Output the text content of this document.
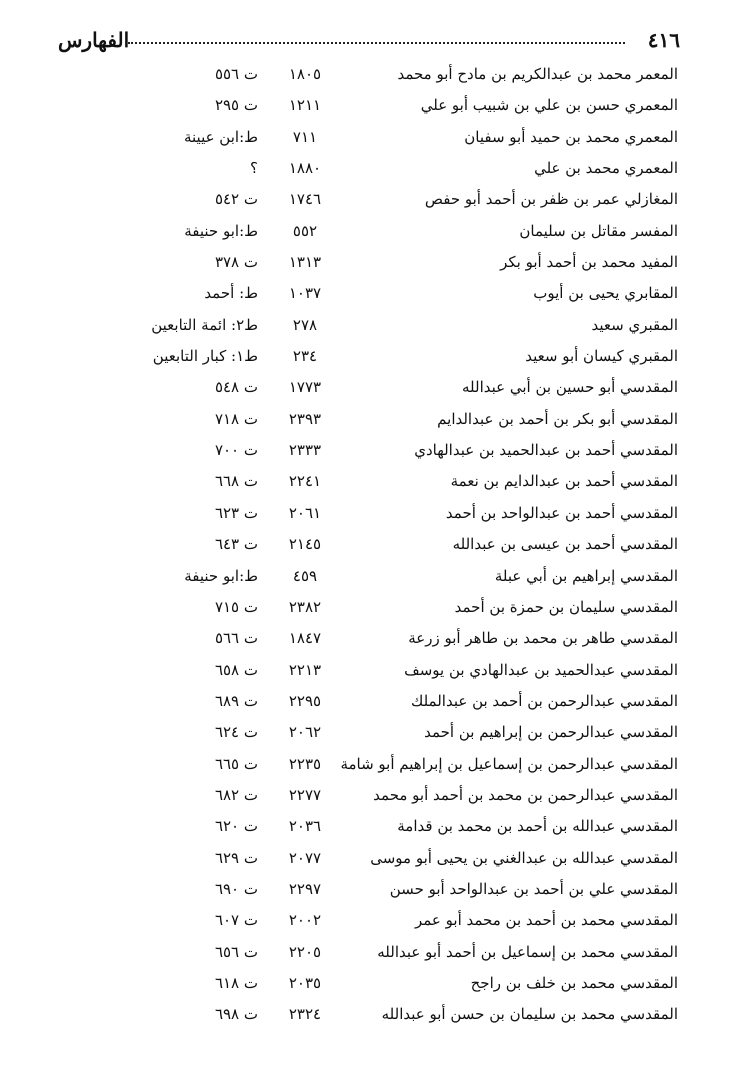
٤١٦
الفهارس
المعمر محمد بن عبدالكريم بن مادح أبو محمد
١٨٠٥
ت ٥٥٦
المعمري حسن بن علي بن شبيب أبو علي
١٢١١
ت ٢٩٥
المعمري محمد بن حميد أبو سفيان
٧١١
ط:ابن عيينة
المعمري محمد بن علي
١٨٨٠
؟
المغازلي عمر بن ظفر بن أحمد أبو حفص
١٧٤٦
ت ٥٤٢
المفسر مقاتل بن سليمان
٥٥٢
ط:ابو حنيفة
المفيد محمد بن أحمد أبو بكر
١٣١٣
ت ٣٧٨
المقابري يحيى بن أيوب
١٠٣٧
ط: أحمد
المقبري سعيد
٢٧٨
ط٢: ائمة التابعين
المقبري كيسان أبو سعيد
٢٣٤
ط١: كبار التابعين
المقدسي أبو حسين بن أبي عبدالله
١٧٧٣
ت ٥٤٨
المقدسي أبو بكر بن أحمد بن عبدالدايم
٢٣٩٣
ت ٧١٨
المقدسي أحمد بن عبدالحميد بن عبدالهادي
٢٣٣٣
ت ٧٠٠
المقدسي أحمد بن عبدالدايم بن نعمة
٢٢٤١
ت ٦٦٨
المقدسي أحمد بن عبدالواحد بن أحمد
٢٠٦١
ت ٦٢٣
المقدسي أحمد بن عيسى بن عبدالله
٢١٤٥
ت ٦٤٣
المقدسي إبراهيم بن أبي عبلة
٤٥٩
ط:ابو حنيفة
المقدسي سليمان بن حمزة بن أحمد
٢٣٨٢
ت ٧١٥
المقدسي طاهر بن محمد بن طاهر أبو زرعة
١٨٤٧
ت ٥٦٦
المقدسي عبدالحميد بن عبدالهادي بن يوسف
٢٢١٣
ت ٦٥٨
المقدسي عبدالرحمن بن أحمد بن عبدالملك
٢٢٩٥
ت ٦٨٩
المقدسي عبدالرحمن بن إبراهيم بن أحمد
٢٠٦٢
ت ٦٢٤
المقدسي عبدالرحمن بن إسماعيل بن إبراهيم أبو شامة
٢٢٣٥
ت ٦٦٥
المقدسي عبدالرحمن بن محمد بن أحمد أبو محمد
٢٢٧٧
ت ٦٨٢
المقدسي عبدالله بن أحمد بن محمد بن قدامة
٢٠٣٦
ت ٦٢٠
المقدسي عبدالله بن عبدالغني بن يحيى أبو موسى
٢٠٧٧
ت ٦٢٩
المقدسي علي بن أحمد بن عبدالواحد أبو حسن
٢٢٩٧
ت ٦٩٠
المقدسي محمد بن أحمد بن محمد أبو عمر
٢٠٠٢
ت ٦٠٧
المقدسي محمد بن إسماعيل بن أحمد أبو عبدالله
٢٢٠٥
ت ٦٥٦
المقدسي محمد بن خلف بن راجح
٢٠٣٥
ت ٦١٨
المقدسي محمد بن سليمان بن حسن أبو عبدالله
٢٣٢٤
ت ٦٩٨
